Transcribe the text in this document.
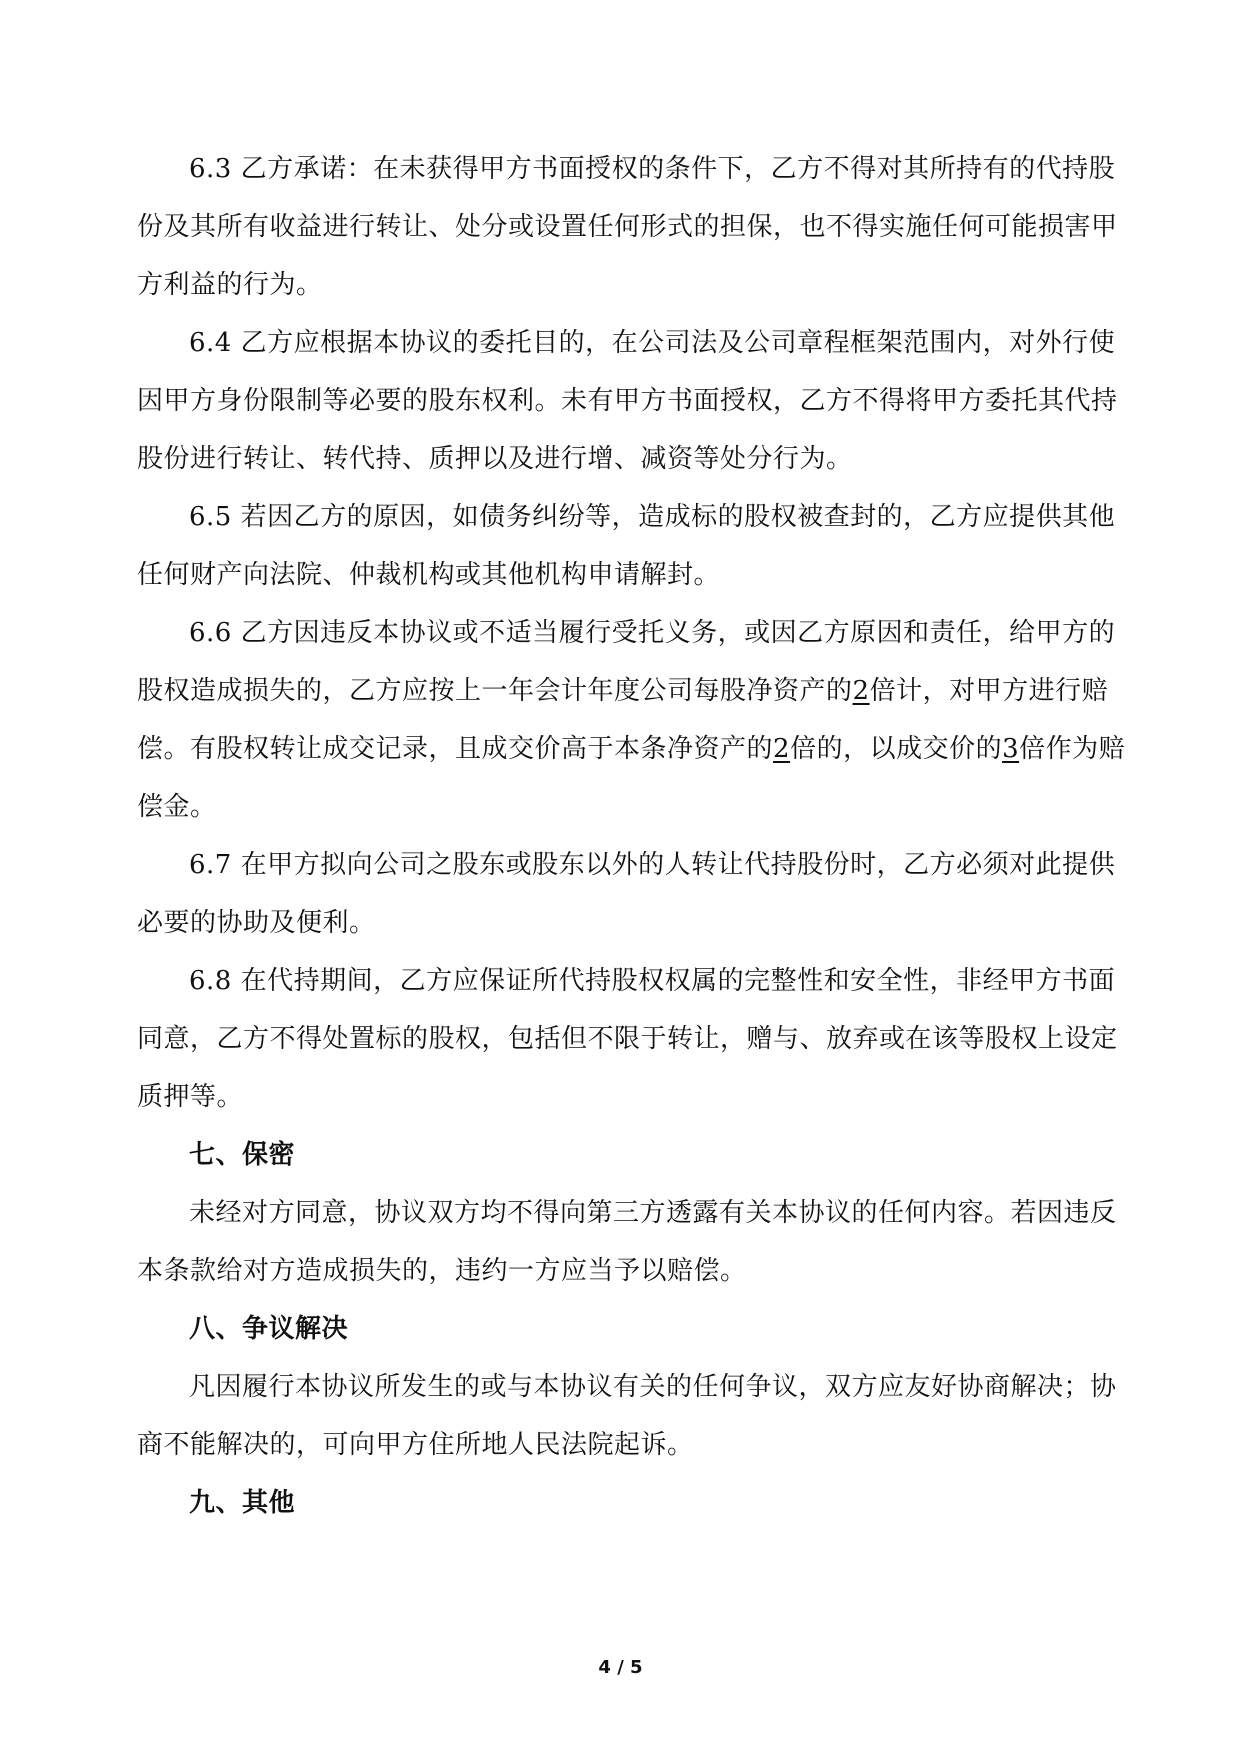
6.3 乙方承诺：在未获得甲方书面授权的条件下，乙方不得对其所持有的代持股份及其所有收益进行转让、处分或设置任何形式的担保，也不得实施任何可能损害甲方利益的行为。

6.4 乙方应根据本协议的委托目的，在公司法及公司章程框架范围内，对外行使因甲方身份限制等必要的股东权利。未有甲方书面授权，乙方不得将甲方委托其代持股份进行转让、转代持、质押以及进行增、减资等处分行为。

6.5 若因乙方的原因，如债务纠纷等，造成标的股权被查封的，乙方应提供其他任何财产向法院、仲裁机构或其他机构申请解封。

6.6 乙方因违反本协议或不适当履行受托义务，或因乙方原因和责任，给甲方的股权造成损失的，乙方应按上一年会计年度公司每股净资产的2倍计，对甲方进行赔偿。有股权转让成交记录，且成交价高于本条净资产的2倍的，以成交价的3倍作为赔偿金。

6.7 在甲方拟向公司之股东或股东以外的人转让代持股份时，乙方必须对此提供必要的协助及便利。

6.8 在代持期间，乙方应保证所代持股权权属的完整性和安全性，非经甲方书面同意，乙方不得处置标的股权，包括但不限于转让，赠与、放弃或在该等股权上设定质押等。

七、保密

未经对方同意，协议双方均不得向第三方透露有关本协议的任何内容。若因违反本条款给对方造成损失的，违约一方应当予以赔偿。

八、争议解决

凡因履行本协议所发生的或与本协议有关的任何争议，双方应友好协商解决；协商不能解决的，可向甲方住所地人民法院起诉。

九、其他

4 / 5
